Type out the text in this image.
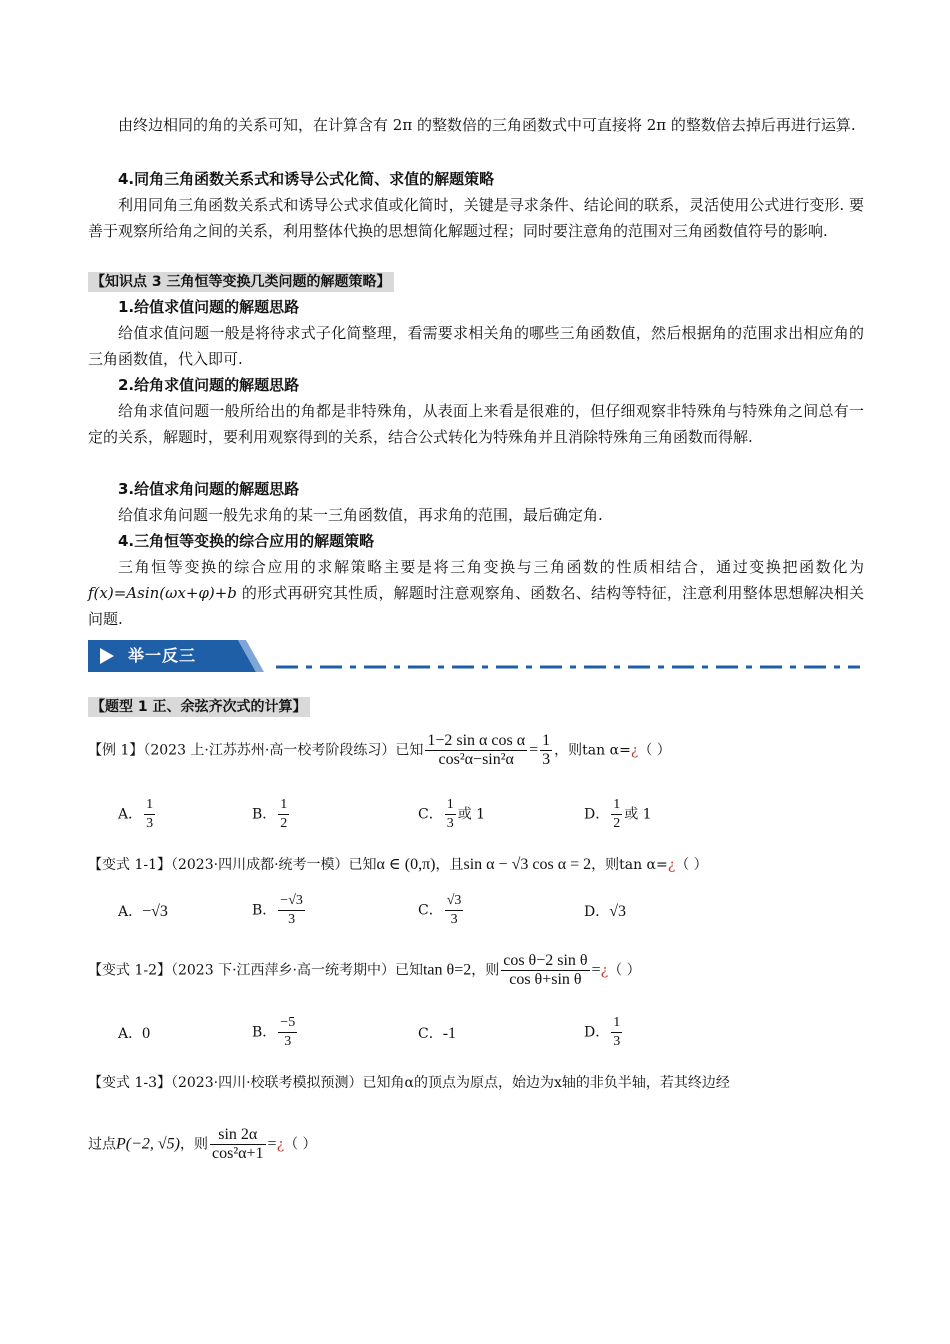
由终边相同的角的关系可知，在计算含有 2π 的整数倍的三角函数式中可直接将 2π 的整数倍去掉后再进行运算.

4.同角三角函数关系式和诱导公式化简、求值的解题策略

利用同角三角函数关系式和诱导公式求值或化简时，关键是寻求条件、结论间的联系，灵活使用公式进行变形. 要善于观察所给角之间的关系，利用整体代换的思想简化解题过程；同时要注意角的范围对三角函数值符号的影响.

【知识点 3 三角恒等变换几类问题的解题策略】
1.给值求值问题的解题思路

给值求值问题一般是将待求式子化简整理，看需要求相关角的哪些三角函数值，然后根据角的范围求出相应角的三角函数值，代入即可.

2.给角求值问题的解题思路

给角求值问题一般所给出的角都是非特殊角，从表面上来看是很难的，但仔细观察非特殊角与特殊角之间总有一定的关系，解题时，要利用观察得到的关系，结合公式转化为特殊角并且消除特殊角三角函数而得解.

3.给值求角问题的解题思路

给值求角问题一般先求角的某一三角函数值，再求角的范围，最后确定角.

4.三角恒等变换的综合应用的解题策略

三角恒等变换的综合应用的求解策略主要是将三角变换与三角函数的性质相结合，通过变换把函数化为 f(x)=Asin(ωx+φ)+b 的形式再研究其性质，解题时注意观察角、函数名、结构等特征，注意利用整体思想解决相关问题.

举一反三
【题型 1 正、余弦齐次式的计算】
【例 1】（2023 上·江苏苏州·高一校考阶段练习）已知 $\frac{\text{1−2 sin α cos α}}{\text{cos²α−sin²α}} = \frac{1}{3}$ ，则tan α=¿（ ）
A． $\frac{1}{3}$	B． $\frac{1}{2}$	C． $\frac{1}{3}$ 或 1	D． $\frac{1}{2}$ 或 1
【变式 1-1】（2023·四川成都·统考一模）已知α ∈ (0,π)，且sin α − √3 cos α = 2，则tan α=¿（ ）
A．−√3	B． $\frac{-√3}{3}$	C． $\frac{√3}{3}$	D．√3
【变式 1-2】（2023 下·江西萍乡·高一统考期中）已知tan θ=2，则 $\frac{\text{cos θ−2 sin θ}}{\text{cos θ+sin θ}}$ =¿（ ）
A．0	B． $\frac{-5}{3}$	C．-1	D． $\frac{1}{3}$
【变式 1-3】（2023·四川·校联考模拟预测）已知角α的顶点为原点，始边为x轴的非负半轴，若其终边经
过点P(−2, √5)，则 $\frac{\sin 2\alpha}{\text{cos²α+1}}$ =¿（ ）
